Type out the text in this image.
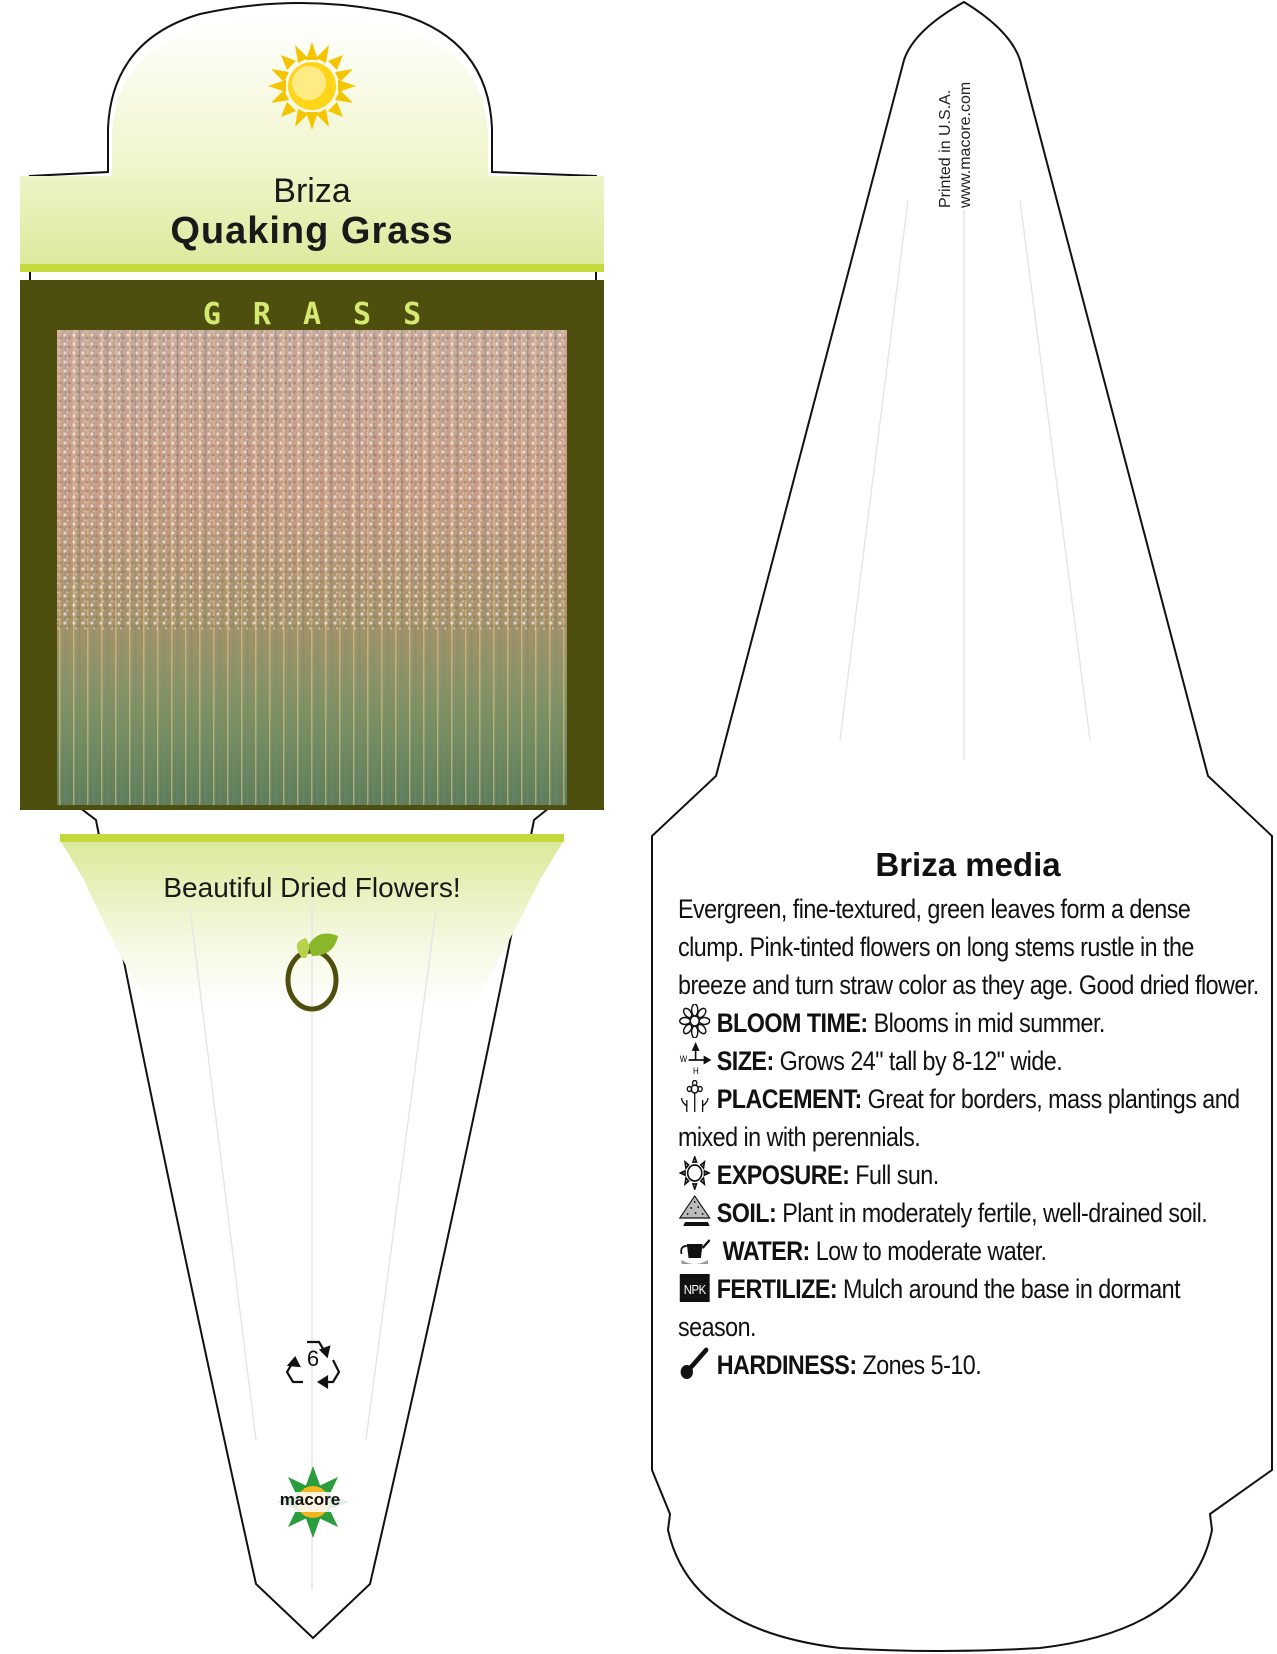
Briza
Quaking Grass
GRASS
Beautiful Dried Flowers!
6
macore
Printed in U.S.A. www.macore.com
Briza media
Evergreen, fine-textured, green leaves form a dense clump. Pink-tinted flowers on long stems rustle in the breeze and turn straw color as they age. Good dried flower.
BLOOM TIME: Blooms in mid summer.
W
H SIZE: Grows 24" tall by 8-12" wide.
PLACEMENT: Great for borders, mass plantings and mixed in with perennials.
EXPOSURE: Full sun.
SOIL: Plant in moderately fertile, well-drained soil.
WATER: Low to moderate water.
NPK FERTILIZE: Mulch around the base in dormant season.
HARDINESS: Zones 5-10.
